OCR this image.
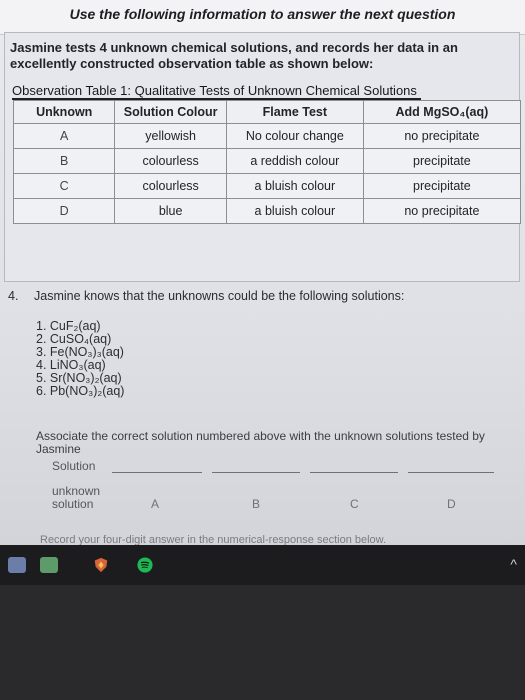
Use the following information to answer the next question
Jasmine tests 4 unknown chemical solutions, and records her data in an excellently constructed observation table as shown below:
Observation Table 1: Qualitative Tests of Unknown Chemical Solutions
Unknown	Solution Colour	Flame Test	Add MgSO₄(aq)
A	yellowish	No colour change	no precipitate
B	colourless	a reddish colour	precipitate
C	colourless	a bluish colour	precipitate
D	blue	a bluish colour	no precipitate
4. Jasmine knows that the unknowns could be the following solutions:
1. CuF₂(aq)
2. CuSO₄(aq)
3. Fe(NO₃)₃(aq)
4. LiNO₃(aq)
5. Sr(NO₃)₂(aq)
6. Pb(NO₃)₂(aq)
Associate the correct solution numbered above with the unknown solutions tested by Jasmine
Solution
unknown
solution	A	B	C	D
Record your four-digit answer in the numerical-response section below.
^
